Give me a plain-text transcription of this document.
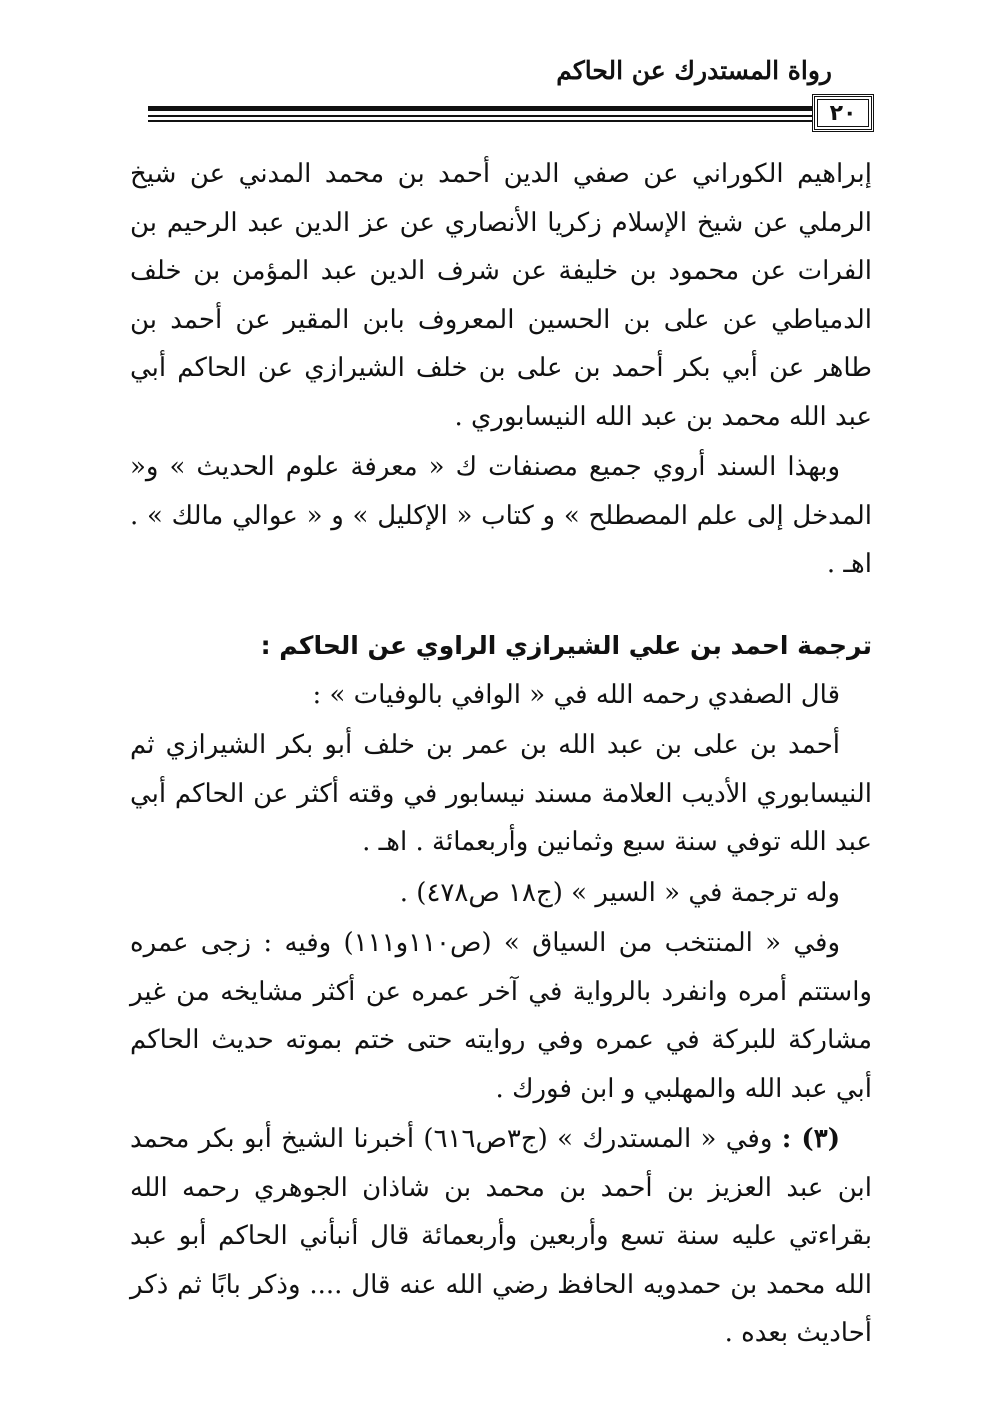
رواة المستدرك عن الحاكم
٢٠

إبراهيم الكوراني عن صفي الدين أحمد بن محمد المدني عن شيخ الرملي عن شيخ الإسلام زكريا الأنصاري عن عز الدين عبد الرحيم بن الفرات عن محمود بن خليفة عن شرف الدين عبد المؤمن بن خلف الدمياطي عن على بن الحسين المعروف بابن المقير عن أحمد بن طاهر عن أبي بكر أحمد بن على بن خلف الشيرازي عن الحاكم أبي عبد الله محمد بن عبد الله النيسابوري .

وبهذا السند أروي جميع مصنفات ك « معرفة علوم الحديث » و« المدخل إلى علم المصطلح » و كتاب « الإكليل » و « عوالي مالك » . اهـ .

ترجمة احمد بن علي الشيرازي الراوي عن الحاكم :

قال الصفدي رحمه الله في « الوافي بالوفيات » :

أحمد بن على بن عبد الله بن عمر بن خلف أبو بكر الشيرازي ثم النيسابوري الأديب العلامة مسند نيسابور في وقته أكثر عن الحاكم أبي عبد الله توفي سنة سبع وثمانين وأربعمائة . اهـ .

وله ترجمة في « السير » (ج١٨ ص٤٧٨) .

وفي « المنتخب من السياق » (ص١١٠و١١١) وفيه : زجى عمره واستتم أمره وانفرد بالرواية في آخر عمره عن أكثر مشايخه من غير مشاركة للبركة في عمره وفي روايته حتى ختم بموته حديث الحاكم أبي عبد الله والمهلبي و ابن فورك .

(٣) : وفي « المستدرك » (ج٣ص٦١٦) أخبرنا الشيخ أبو بكر محمد ابن عبد العزيز بن أحمد بن محمد بن شاذان الجوهري رحمه الله بقراءتي عليه سنة تسع وأربعين وأربعمائة قال أنبأني الحاكم أبو عبد الله محمد بن حمدويه الحافظ رضي الله عنه قال .... وذكر بابًا ثم ذكر أحاديث بعده .
